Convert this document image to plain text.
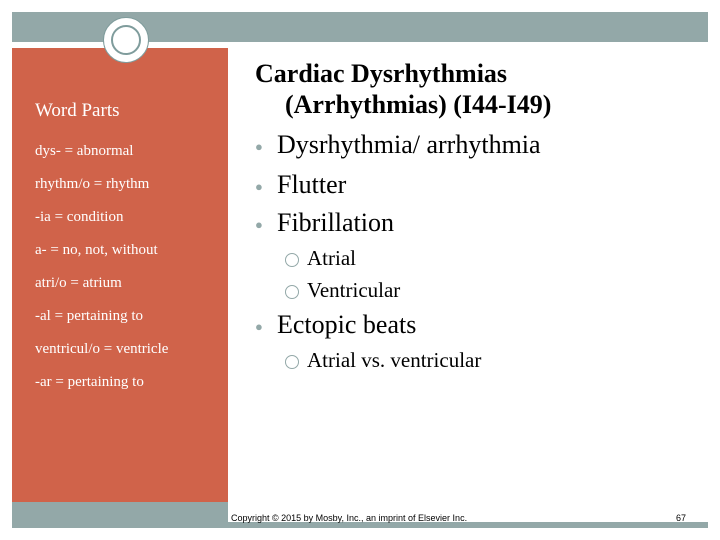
Word Parts
dys- = abnormal
rhythm/o = rhythm
-ia = condition
a- = no, not, without
atri/o = atrium
-al = pertaining to
ventricul/o = ventricle
-ar = pertaining to
Cardiac Dysrhythmias
(Arrhythmias) (I44-I49)
● Dysrhythmia/ arrhythmia
● Flutter
● Fibrillation
Atrial
Ventricular
● Ectopic beats
Atrial vs. ventricular
Copyright © 2015 by Mosby, Inc., an imprint of Elsevier Inc.	67
